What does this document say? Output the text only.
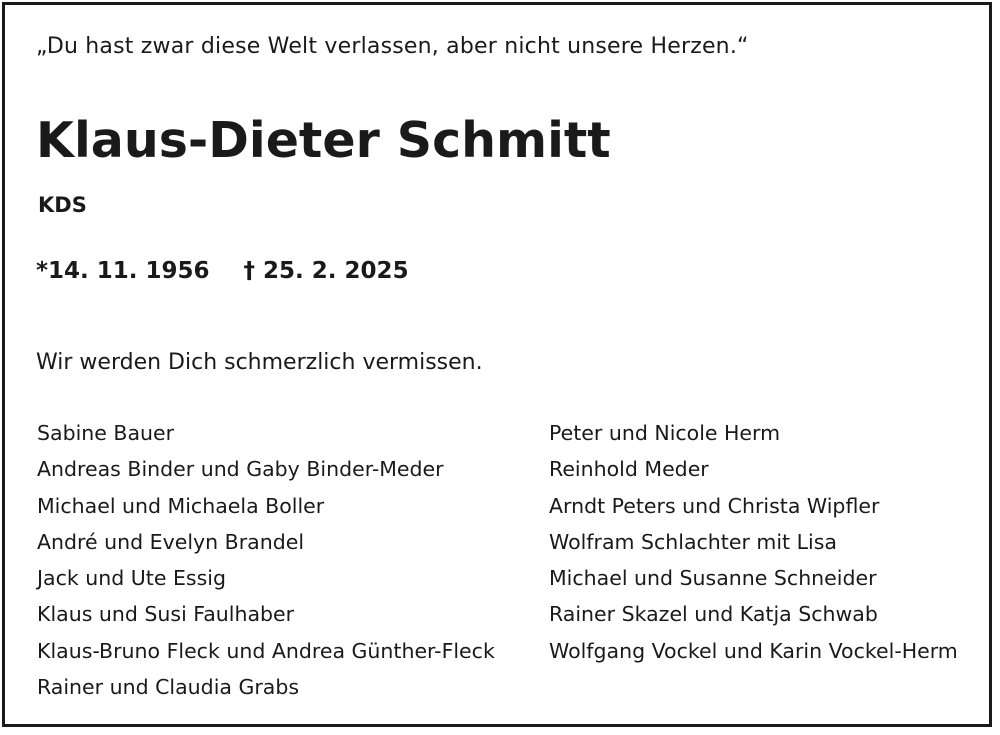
„Du hast zwar diese Welt verlassen, aber nicht unsere Herzen.“
Klaus-Dieter Schmitt
KDS
*14. 11. 1956 † 25. 2. 2025
Wir werden Dich schmerzlich vermissen.
Sabine Bauer
Andreas Binder und Gaby Binder-Meder
Michael und Michaela Boller
André und Evelyn Brandel
Jack und Ute Essig
Klaus und Susi Faulhaber
Klaus-Bruno Fleck und Andrea Günther-Fleck
Rainer und Claudia Grabs
Peter und Nicole Herm
Reinhold Meder
Arndt Peters und Christa Wipfler
Wolfram Schlachter mit Lisa
Michael und Susanne Schneider
Rainer Skazel und Katja Schwab
Wolfgang Vockel und Karin Vockel-Herm
